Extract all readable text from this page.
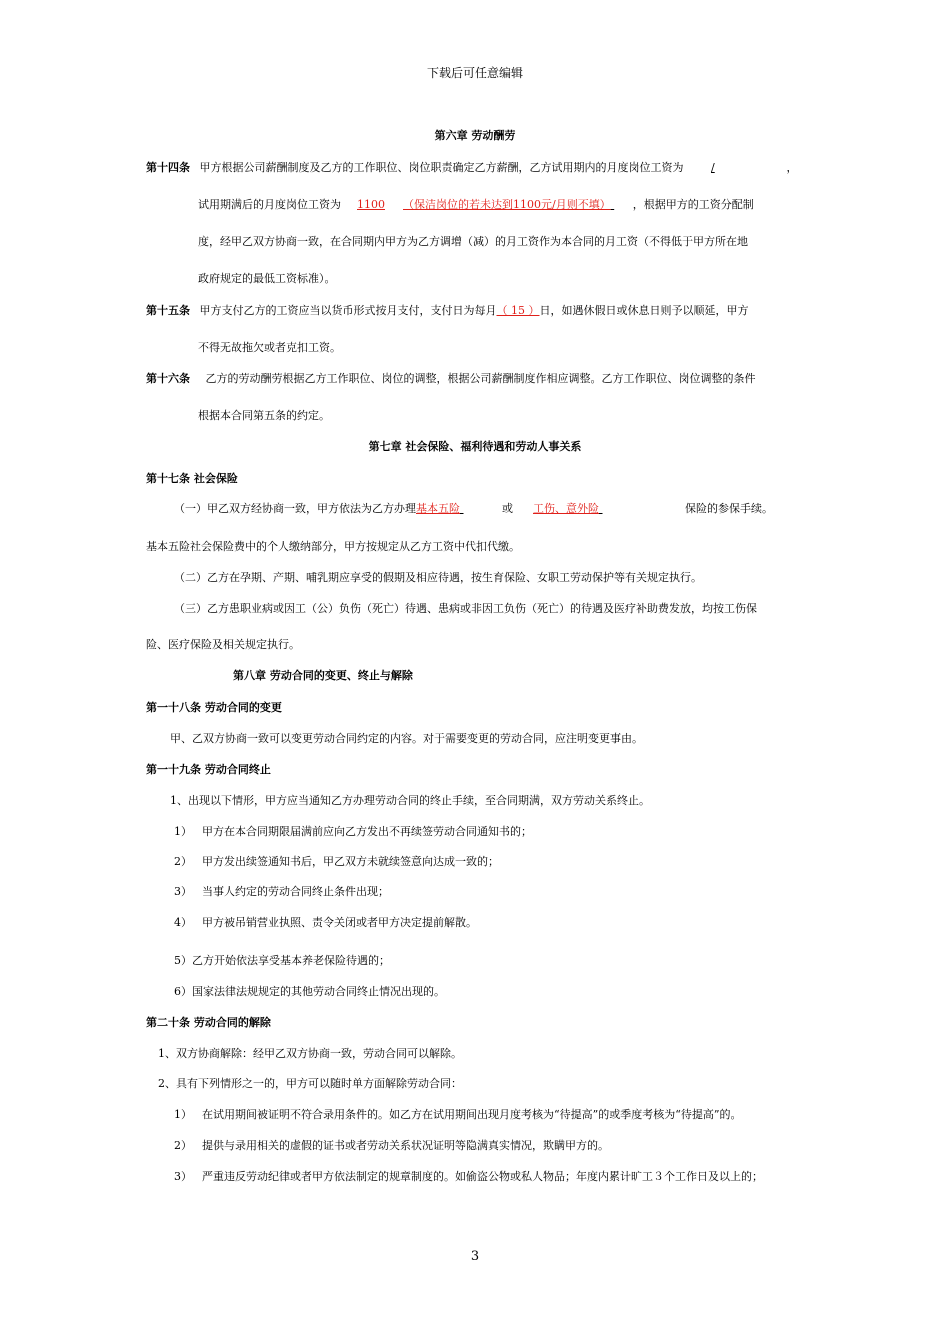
下载后可任意编辑
第六章 劳动酬劳
第十四条 甲方根据公司薪酬制度及乙方的工作职位、岗位职责确定乙方薪酬，乙方试用期内的月度岗位工资为	/	，
试用期满后的月度岗位工资为 1100 （保洁岗位的若未达到1100元/月则不填） ，根据甲方的工资分配制
度，经甲乙双方协商一致，在合同期内甲方为乙方调增（减）的月工资作为本合同的月工资（不得低于甲方所在地
政府规定的最低工资标准）。
第十五条 甲方支付乙方的工资应当以货币形式按月支付，支付日为每月（ 15 ）日，如遇休假日或休息日则予以顺延，甲方
不得无故拖欠或者克扣工资。
第十六条 乙方的劳动酬劳根据乙方工作职位、岗位的调整，根据公司薪酬制度作相应调整。乙方工作职位、岗位调整的条件
根据本合同第五条的约定。
第七章 社会保险、福利待遇和劳动人事关系
第十七条 社会保险
（一）甲乙双方经协商一致，甲方依法为乙方办理基本五险	或 工伤、意外险	保险的参保手续。
基本五险社会保险费中的个人缴纳部分，甲方按规定从乙方工资中代扣代缴。
（二）乙方在孕期、产期、哺乳期应享受的假期及相应待遇，按生育保险、女职工劳动保护等有关规定执行。
（三）乙方患职业病或因工（公）负伤（死亡）待遇、患病或非因工负伤（死亡）的待遇及医疗补助费发放，均按工伤保
险、医疗保险及相关规定执行。
第八章 劳动合同的变更、终止与解除
第一十八条 劳动合同的变更
甲、乙双方协商一致可以变更劳动合同约定的内容。对于需要变更的劳动合同，应注明变更事由。
第一十九条 劳动合同终止
1、出现以下情形，甲方应当通知乙方办理劳动合同的终止手续，至合同期满，双方劳动关系终止。
1） 甲方在本合同期限届满前应向乙方发出不再续签劳动合同通知书的；
2） 甲方发出续签通知书后，甲乙双方未就续签意向达成一致的；
3） 当事人约定的劳动合同终止条件出现；
4） 甲方被吊销营业执照、责令关闭或者甲方决定提前解散。
5）乙方开始依法享受基本养老保险待遇的；
6）国家法律法规规定的其他劳动合同终止情况出现的。
第二十条 劳动合同的解除
1、双方协商解除：经甲乙双方协商一致，劳动合同可以解除。
2、具有下列情形之一的，甲方可以随时单方面解除劳动合同：
1） 在试用期间被证明不符合录用条件的。如乙方在试用期间出现月度考核为“待提高”的或季度考核为“待提高”的。
2） 提供与录用相关的虚假的证书或者劳动关系状况证明等隐满真实情况，欺瞒甲方的。
3） 严重违反劳动纪律或者甲方依法制定的规章制度的。如偷盗公物或私人物品；年度内累计旷工３个工作日及以上的；
3
